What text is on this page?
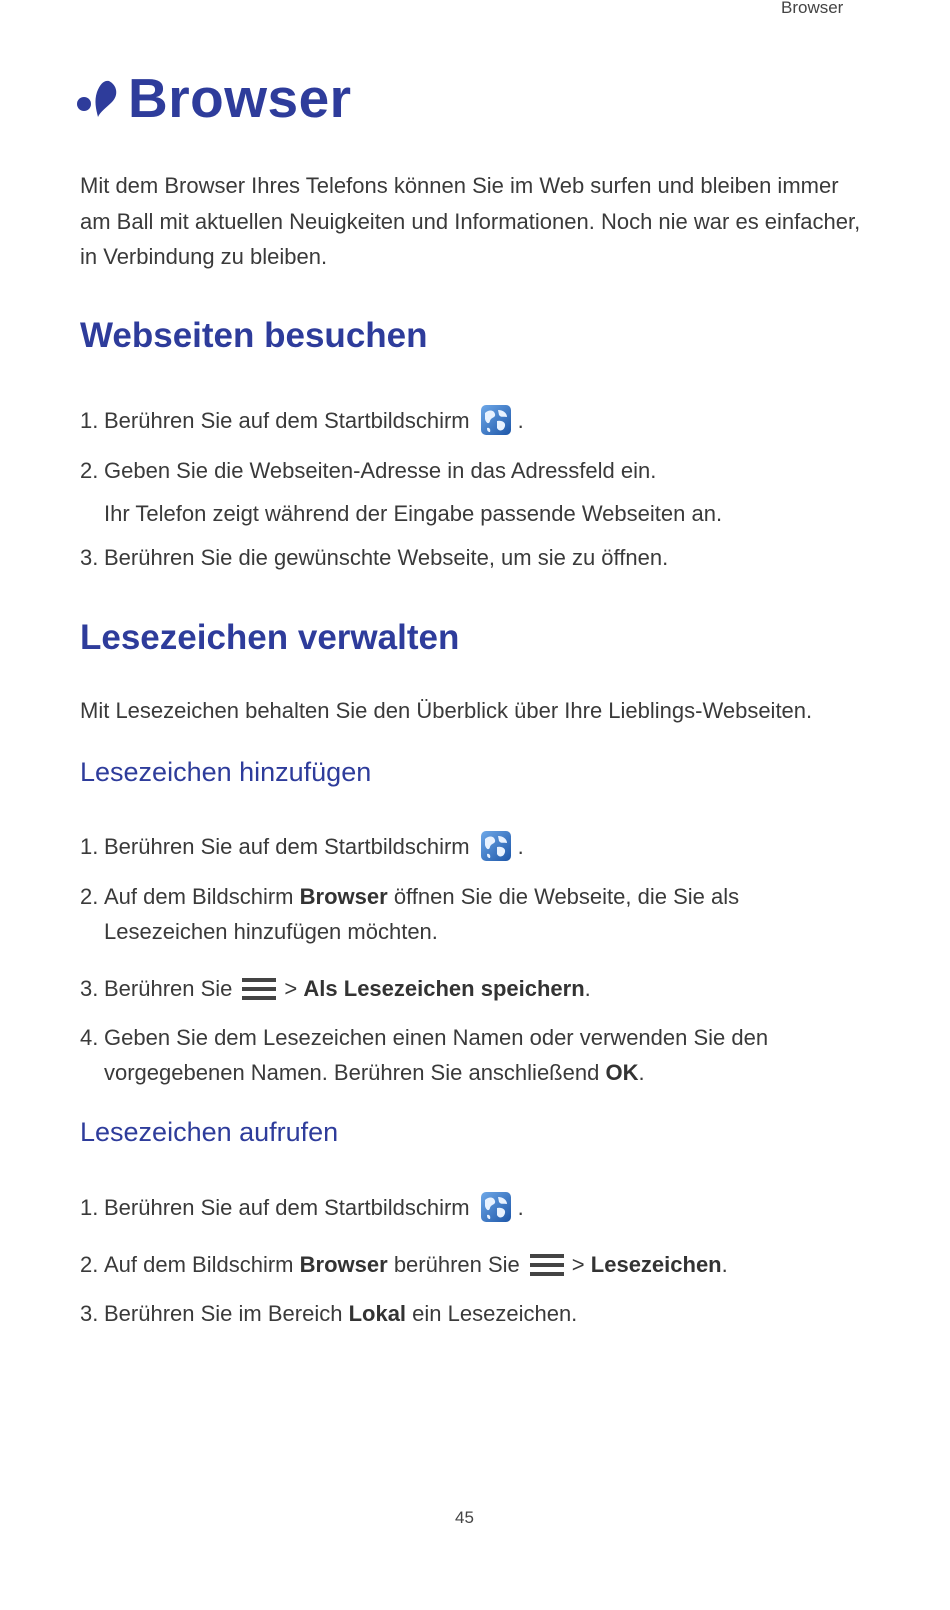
Browser
Browser
Mit dem Browser Ihres Telefons können Sie im Web surfen und bleiben immer am Ball mit aktuellen Neuigkeiten und Informationen. Noch nie war es einfacher, in Verbindung zu bleiben.
Webseiten besuchen
1. Berühren Sie auf dem Startbildschirm .
2. Geben Sie die Webseiten-Adresse in das Adressfeld ein.
Ihr Telefon zeigt während der Eingabe passende Webseiten an.
3. Berühren Sie die gewünschte Webseite, um sie zu öffnen.
Lesezeichen verwalten
Mit Lesezeichen behalten Sie den Überblick über Ihre Lieblings-Webseiten.
Lesezeichen hinzufügen
1. Berühren Sie auf dem Startbildschirm .
2. Auf dem Bildschirm Browser öffnen Sie die Webseite, die Sie als
Lesezeichen hinzufügen möchten.
3. Berühren Sie > Als Lesezeichen speichern.
4. Geben Sie dem Lesezeichen einen Namen oder verwenden Sie den
vorgegebenen Namen. Berühren Sie anschließend OK.
Lesezeichen aufrufen
1. Berühren Sie auf dem Startbildschirm .
2. Auf dem Bildschirm Browser berühren Sie > Lesezeichen.
3. Berühren Sie im Bereich Lokal ein Lesezeichen.
45
